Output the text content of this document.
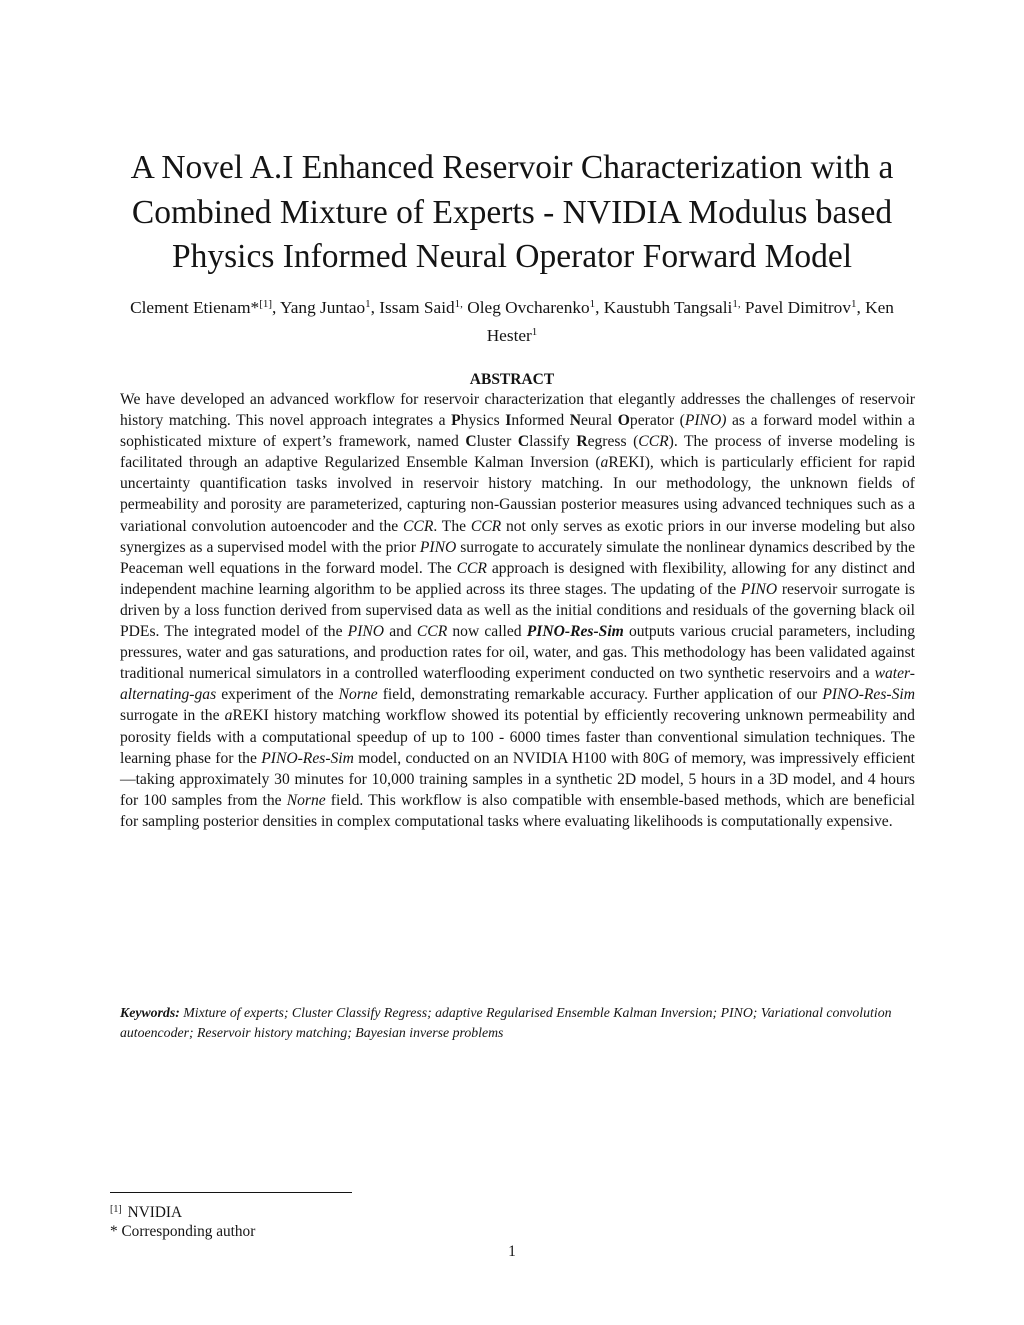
A Novel A.I Enhanced Reservoir Characterization with a Combined Mixture of Experts - NVIDIA Modulus based Physics Informed Neural Operator Forward Model
Clement Etienam*[1], Yang Juntao$^1$, Issam Said$^{1,}$ Oleg Ovcharenko$^1$, Kaustubh Tangsali$^{1,}$ Pavel Dimitrov$^1$, Ken Hester$^1$
ABSTRACT
We have developed an advanced workflow for reservoir characterization that elegantly addresses the challenges of reservoir history matching. This novel approach integrates a Physics Informed Neural Operator (PINO) as a forward model within a sophisticated mixture of expert’s framework, named Cluster Classify Regress (CCR). The process of inverse modeling is facilitated through an adaptive Regularized Ensemble Kalman Inversion (aREKI), which is particularly efficient for rapid uncertainty quantification tasks involved in reservoir history matching. In our methodology, the unknown fields of permeability and porosity are parameterized, capturing non-Gaussian posterior measures using advanced techniques such as a variational convolution autoencoder and the CCR. The CCR not only serves as exotic priors in our inverse modeling but also synergizes as a supervised model with the prior PINO surrogate to accurately simulate the nonlinear dynamics described by the Peaceman well equations in the forward model. The CCR approach is designed with flexibility, allowing for any distinct and independent machine learning algorithm to be applied across its three stages. The updating of the PINO reservoir surrogate is driven by a loss function derived from supervised data as well as the initial conditions and residuals of the governing black oil PDEs. The integrated model of the PINO and CCR now called PINO-Res-Sim outputs various crucial parameters, including pressures, water and gas saturations, and production rates for oil, water, and gas. This methodology has been validated against traditional numerical simulators in a controlled waterflooding experiment conducted on two synthetic reservoirs and a water-alternating-gas experiment of the Norne field, demonstrating remarkable accuracy. Further application of our PINO-Res-Sim surrogate in the aREKI history matching workflow showed its potential by efficiently recovering unknown permeability and porosity fields with a computational speedup of up to 100 - 6000 times faster than conventional simulation techniques. The learning phase for the PINO-Res-Sim model, conducted on an NVIDIA H100 with 80G of memory, was impressively efficient—taking approximately 30 minutes for 10,000 training samples in a synthetic 2D model, 5 hours in a 3D model, and 4 hours for 100 samples from the Norne field. This workflow is also compatible with ensemble-based methods, which are beneficial for sampling posterior densities in complex computational tasks where evaluating likelihoods is computationally expensive.
Keywords: Mixture of experts; Cluster Classify Regress; adaptive Regularised Ensemble Kalman Inversion; PINO; Variational convolution autoencoder; Reservoir history matching; Bayesian inverse problems
[1] NVIDIA
* Corresponding author
1
